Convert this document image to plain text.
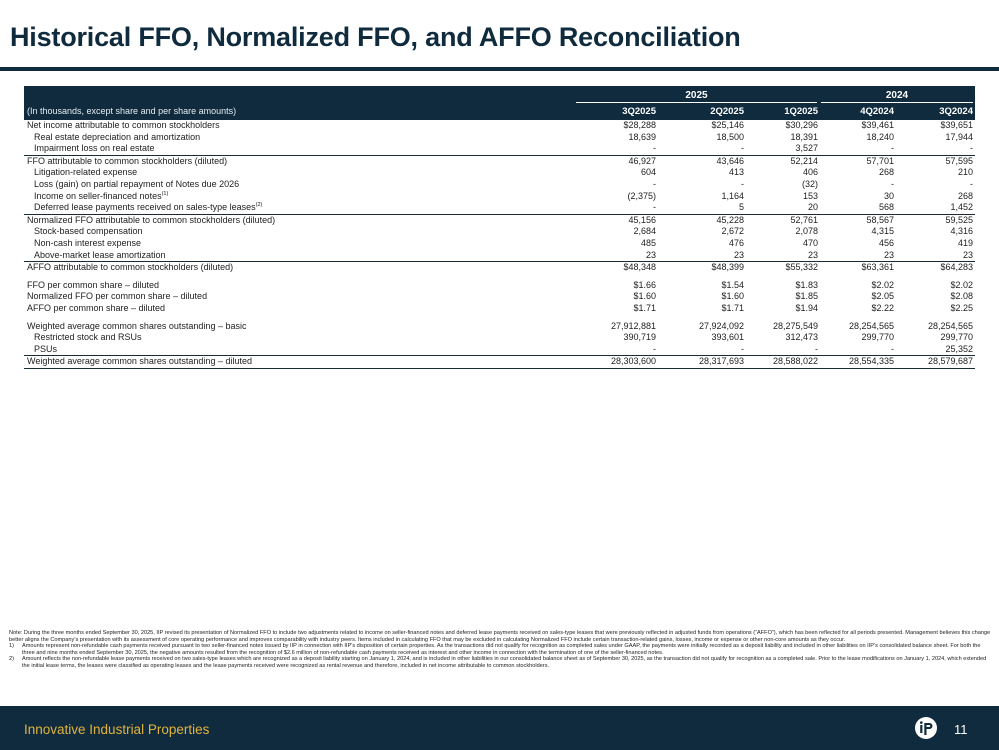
Historical FFO, Normalized FFO, and AFFO Reconciliation
2025	2024
(In thousands, except share and per share amounts)	3Q2025	2Q2025	1Q2025	4Q2024	3Q2024
Net income attributable to common stockholders	$28,288	$25,146	$30,296	$39,461	$39,651
Real estate depreciation and amortization	18,639	18,500	18,391	18,240	17,944
Impairment loss on real estate	-	-	3,527	-	-
FFO attributable to common stockholders (diluted)	46,927	43,646	52,214	57,701	57,595
Litigation-related expense	604	413	406	268	210
Loss (gain) on partial repayment of Notes due 2026	-	-	(32)	-	-
Income on seller-financed notes$^{(1)}$	(2,375)	1,164	153	30	268
Deferred lease payments received on sales-type leases$^{(2)}$	-	5	20	568	1,452
Normalized FFO attributable to common stockholders (diluted)	45,156	45,228	52,761	58,567	59,525
Stock-based compensation	2,684	2,672	2,078	4,315	4,316
Non-cash interest expense	485	476	470	456	419
Above-market lease amortization	23	23	23	23	23
AFFO attributable to common stockholders (diluted)	$48,348	$48,399	$55,332	$63,361	$64,283
FFO per common share – diluted	$1.66	$1.54	$1.83	$2.02	$2.02
Normalized FFO per common share – diluted	$1.60	$1.60	$1.85	$2.05	$2.08
AFFO per common share – diluted	$1.71	$1.71	$1.94	$2.22	$2.25
Weighted average common shares outstanding – basic	27,912,881	27,924,092	28,275,549	28,254,565	28,254,565
Restricted stock and RSUs	390,719	393,601	312,473	299,770	299,770
PSUs	-	-	-	-	25,352
Weighted average common shares outstanding – diluted	28,303,600	28,317,693	28,588,022	28,554,335	28,579,687

Note: During the three months ended September 30, 2025, IIP revised its presentation of Normalized FFO to include two adjustments related to income on seller-financed notes and deferred lease payments received on sales-type leases that were previously reflected in adjusted funds from operations (“AFFO”), which has been reflected for all periods presented. Management believes this change better aligns the Company’s presentation with its assessment of core operating performance and improves comparability with industry peers. Items included in calculating FFO that may be excluded in calculating Normalized FFO include certain transaction-related gains, losses, income or expense or other non-core amounts as they occur.

1) Amounts represent non-refundable cash payments received pursuant to two seller-financed notes issued by IIP in connection with IIP’s disposition of certain properties. As the transactions did not qualify for recognition as completed sales under GAAP, the payments were initially recorded as a deposit liability and included in other liabilities on IIP’s consolidated balance sheet. For both the three and nine months ended September 30, 2025, the negative amounts resulted from the recognition of $2.6 million of non-refundable cash payments received as interest and other income in connection with the termination of one of the seller-financed notes.

2) Amount reflects the non-refundable lease payments received on two sales-type leases which are recognized as a deposit liability starting on January 1, 2024, and is included in other liabilities in our consolidated balance sheet as of September 30, 2025, as the transaction did not qualify for recognition as a completed sale. Prior to the lease modifications on January 1, 2024, which extended the initial lease terms, the leases were classified as operating leases and the lease payments received were recognized as rental revenue and therefore, included in net income attributable to common stockholders.

Innovative Industrial Properties	11
